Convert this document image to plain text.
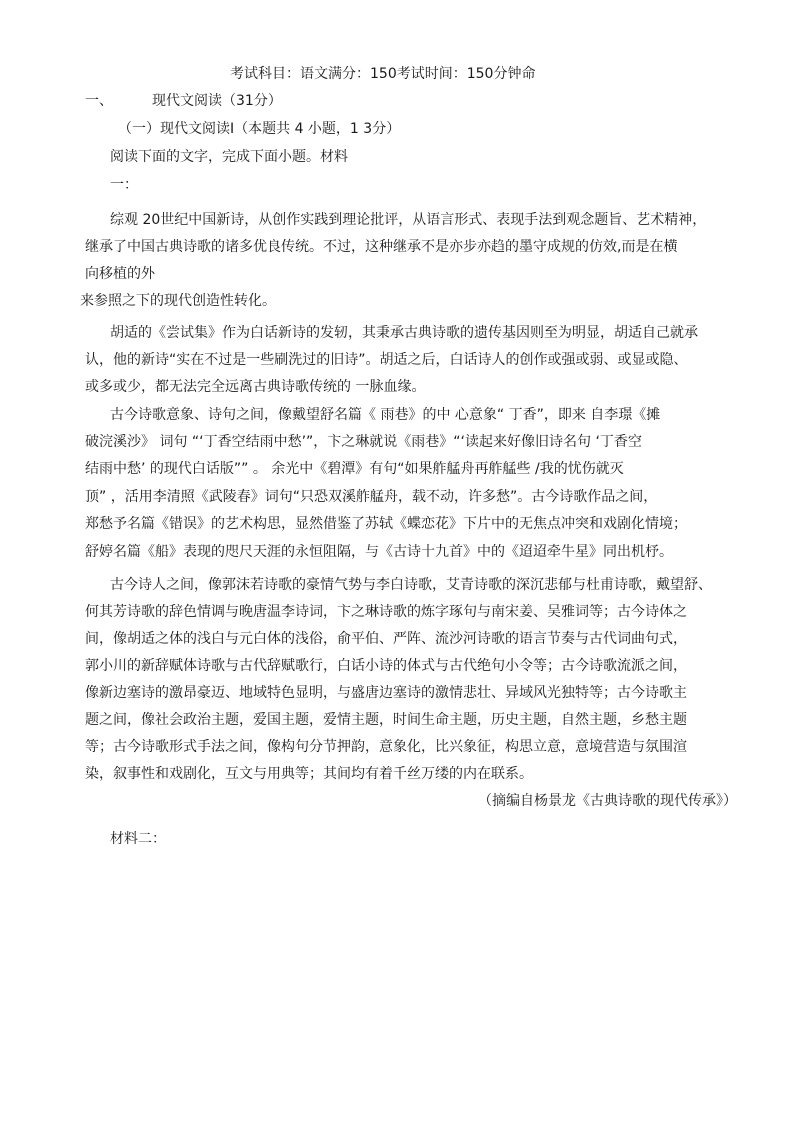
考试科目：语文满分：150考试时间：150分钟命
一、	现代文阅读（31分）
（一）现代文阅读Ⅰ（本题共 4 小题，1 3分）
阅读下面的文字，完成下面小题。材料
一：
综观 20世纪中国新诗，从创作实践到理论批评，从语言形式、表现手法到观念题旨、艺术精神，
继承了中国古典诗歌的诸多优良传统。不过，这种继承不是亦步亦趋的墨守成规的仿效,而是在横
向移植的外
来参照之下的现代创造性转化。
胡适的《尝试集》作为白话新诗的发轫，其秉承古典诗歌的遗传基因则至为明显，胡适自己就承
认，他的新诗“实在不过是一些刷洗过的旧诗”。胡适之后，白话诗人的创作或强或弱、或显或隐、
或多或少，都无法完全远离古典诗歌传统的 一脉血缘。
古今诗歌意象、诗句之间，像戴望舒名篇《 雨巷》的中 心意象“ 丁香”，即来 自李璟《摊
破浣溪沙》 词句 “‘丁香空结雨中愁’”，卞之琳就说《雨巷》“‘读起来好像旧诗名句 ‘丁香空
结雨中愁’ 的现代白话版”” 。 余光中《碧潭》有句“如果舴艋舟再舴艋些 /我的忧伤就灭
顶” ，活用李清照《武陵春》词句“只恐双溪舴艋舟，载不动，许多愁”。古今诗歌作品之间，
郑愁予名篇《错误》的艺术构思，显然借鉴了苏轼《蝶恋花》下片中的无焦点冲突和戏剧化情境；
舒婷名篇《船》表现的咫尺天涯的永恒阻隔，与《古诗十九首》中的《迢迢牵牛星》同出机杼。
古今诗人之间，像郭沫若诗歌的豪情气势与李白诗歌，艾青诗歌的深沉悲郁与杜甫诗歌，戴望舒、
何其芳诗歌的辞色情调与晚唐温李诗词，卞之琳诗歌的炼字琢句与南宋姜、吴雅词等；古今诗体之
间，像胡适之体的浅白与元白体的浅俗，俞平伯、严阵、流沙河诗歌的语言节奏与古代词曲句式，
郭小川的新辞赋体诗歌与古代辞赋歌行，白话小诗的体式与古代绝句小令等；古今诗歌流派之间，
像新边塞诗的激昂豪迈、地域特色显明，与盛唐边塞诗的激情悲壮、异域风光独特等；古今诗歌主
题之间，像社会政治主题，爱国主题，爱情主题，时间生命主题，历史主题，自然主题，乡愁主题
等；古今诗歌形式手法之间，像构句分节押韵，意象化，比兴象征，构思立意，意境营造与氛围渲
染，叙事性和戏剧化，互文与用典等；其间均有着千丝万缕的内在联系。
（摘编自杨景龙《古典诗歌的现代传承》）
材料二：
